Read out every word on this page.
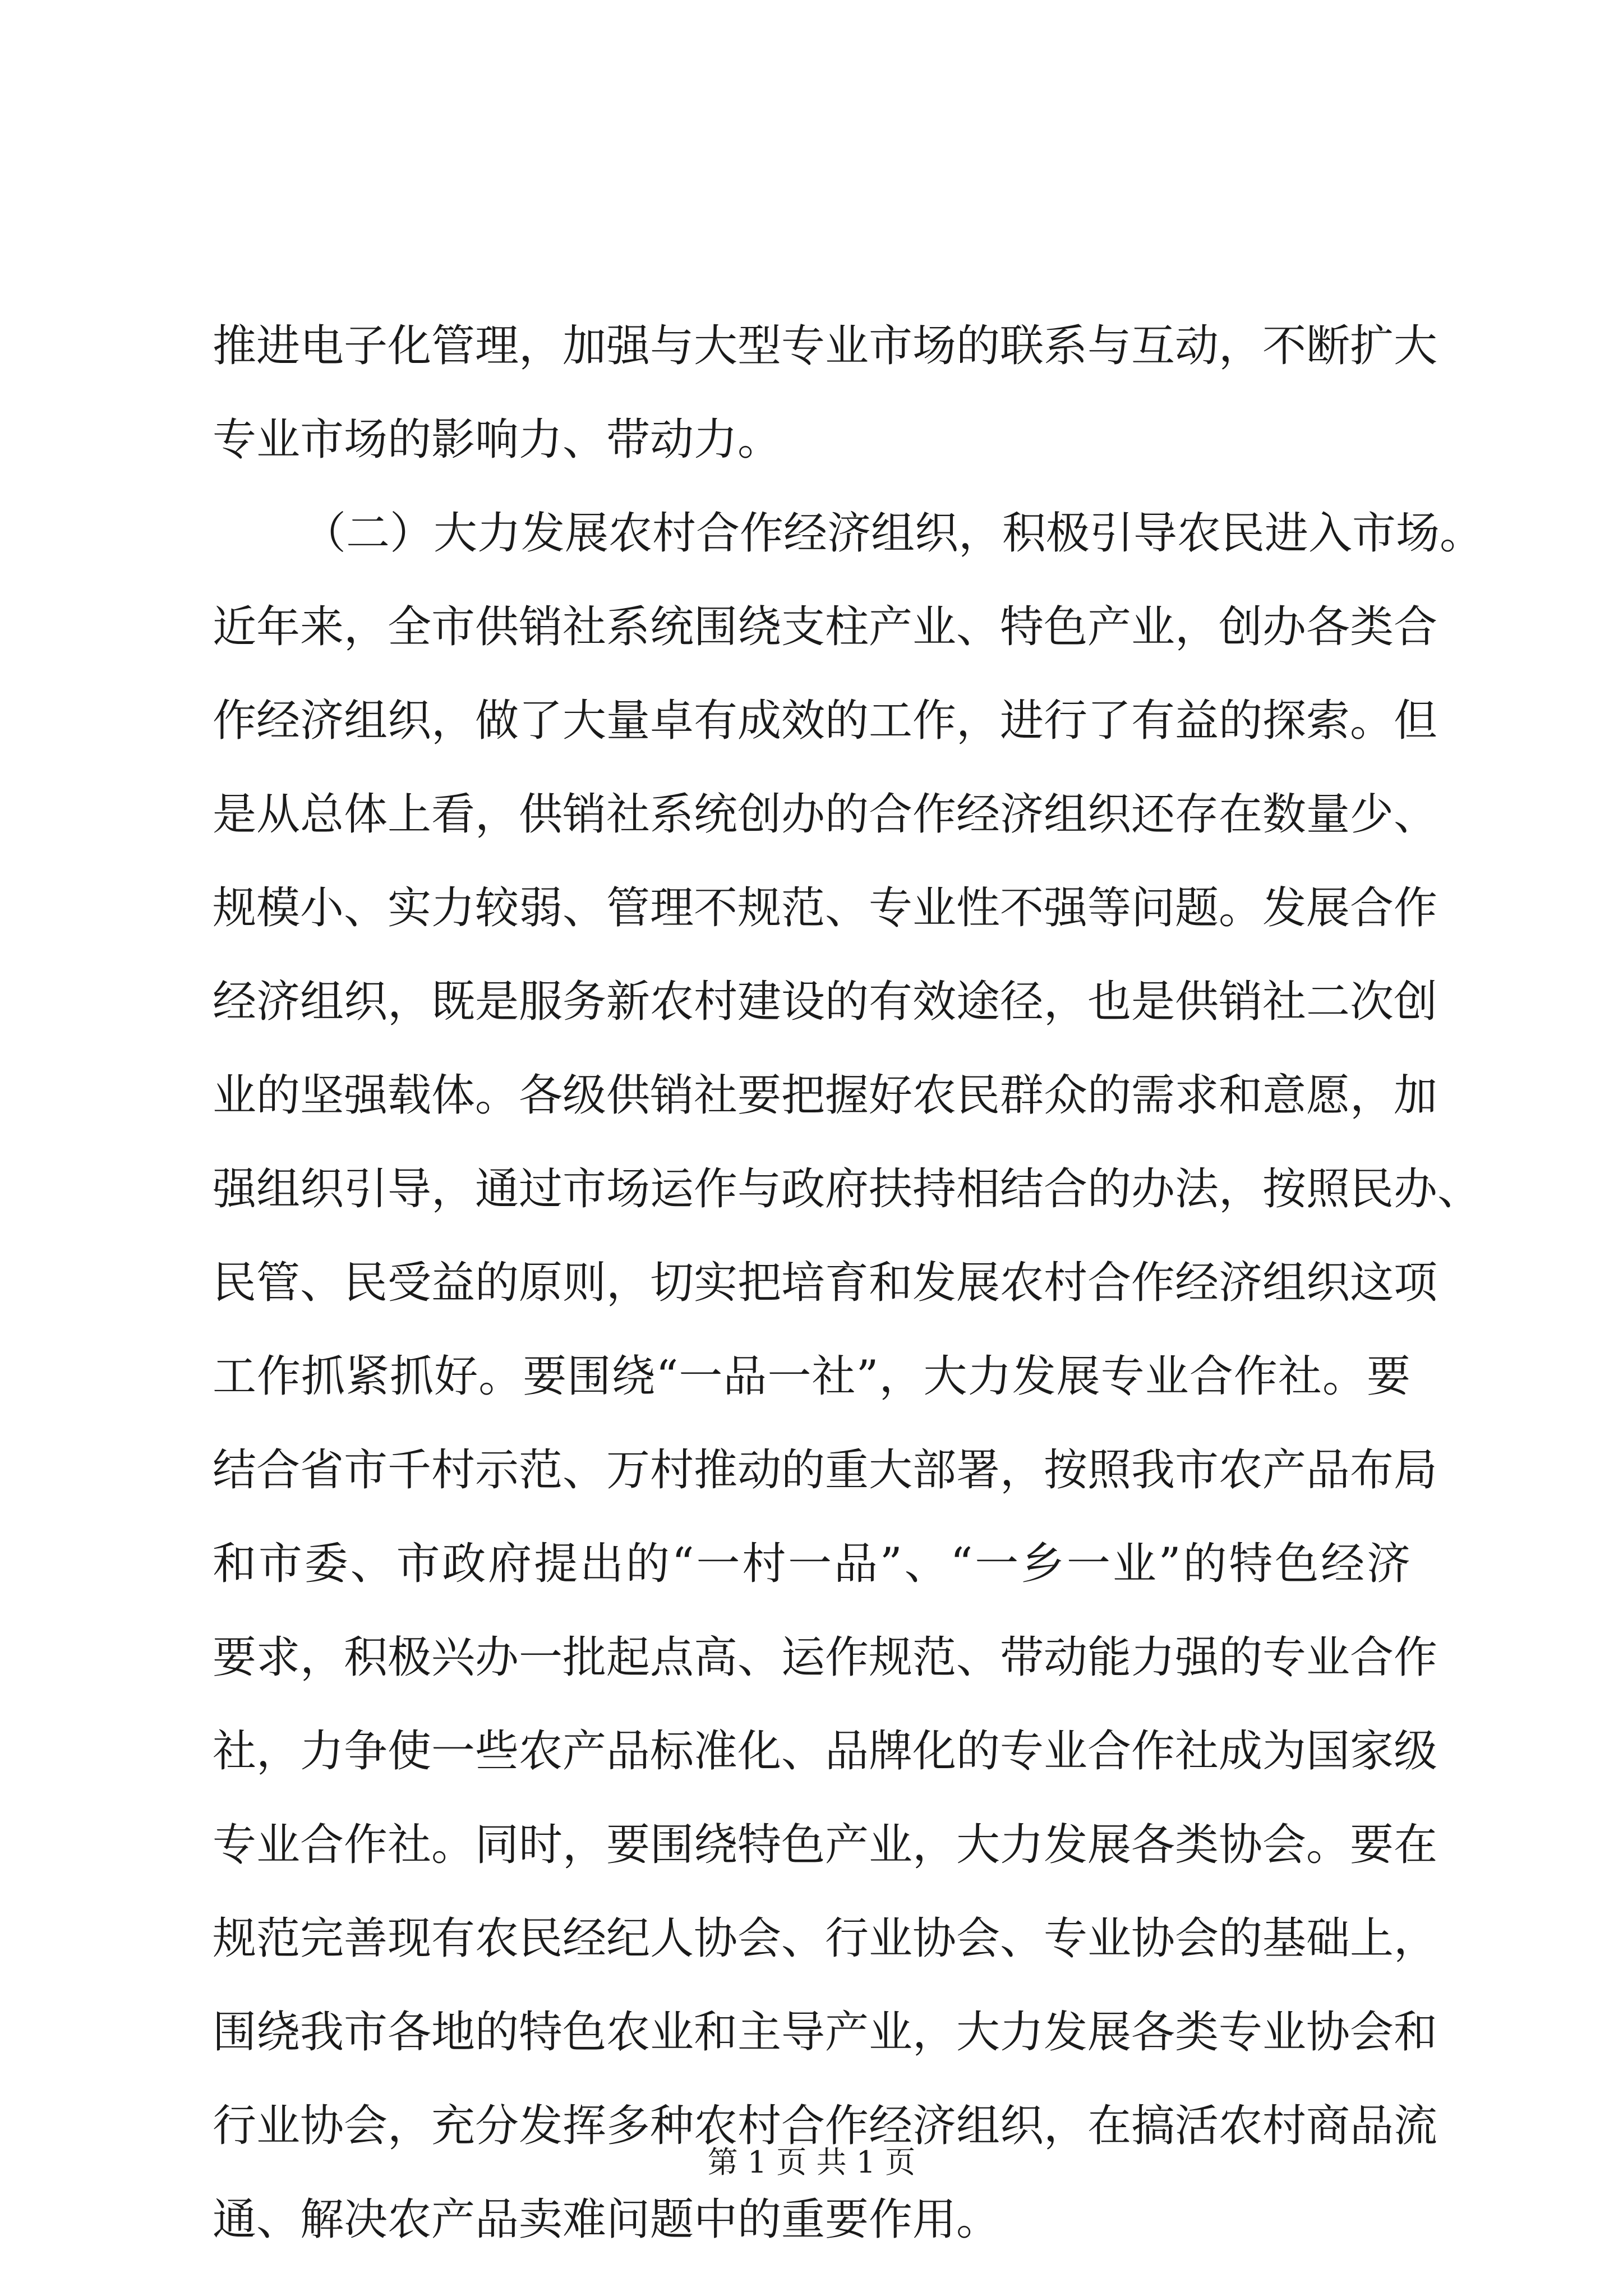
推进电子化管理，加强与大型专业市场的联系与互动，不断扩大
专业市场的影响力、带动力。
（二）大力发展农村合作经济组织，积极引导农民进入市场。
近年来，全市供销社系统围绕支柱产业、特色产业，创办各类合
作经济组织，做了大量卓有成效的工作，进行了有益的探索。但
是从总体上看，供销社系统创办的合作经济组织还存在数量少、
规模小、实力较弱、管理不规范、专业性不强等问题。发展合作
经济组织，既是服务新农村建设的有效途径，也是供销社二次创
业的坚强载体。各级供销社要把握好农民群众的需求和意愿，加
强组织引导，通过市场运作与政府扶持相结合的办法，按照民办、
民管、民受益的原则，切实把培育和发展农村合作经济组织这项
工作抓紧抓好。要围绕“一品一社”，大力发展专业合作社。要
结合省市千村示范、万村推动的重大部署，按照我市农产品布局
和市委、市政府提出的“一村一品”、“一乡一业”的特色经济
要求，积极兴办一批起点高、运作规范、带动能力强的专业合作
社，力争使一些农产品标准化、品牌化的专业合作社成为国家级
专业合作社。同时，要围绕特色产业，大力发展各类协会。要在
规范完善现有农民经纪人协会、行业协会、专业协会的基础上，
围绕我市各地的特色农业和主导产业，大力发展各类专业协会和
行业协会，充分发挥多种农村合作经济组织，在搞活农村商品流
通、解决农产品卖难问题中的重要作用。
第 1 页 共 1 页
